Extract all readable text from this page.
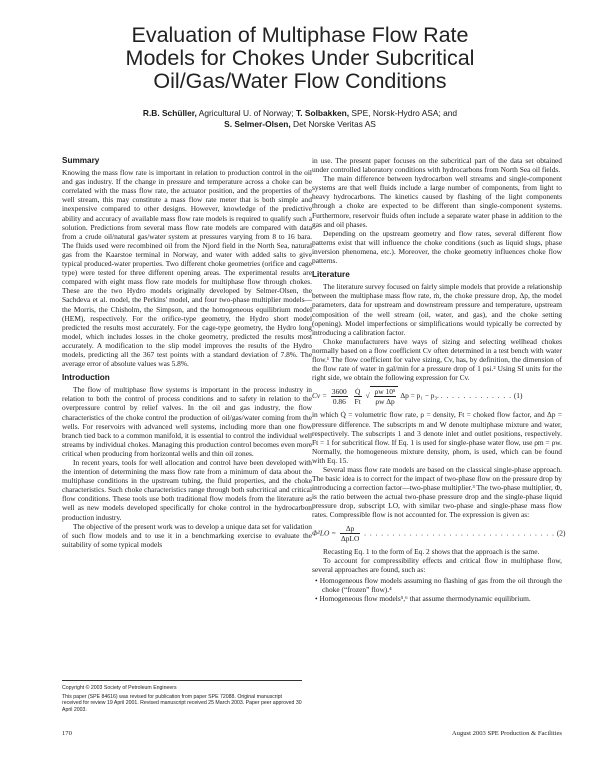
Evaluation of Multiphase Flow Rate
Models for Chokes Under Subcritical
Oil/Gas/Water Flow Conditions
R.B. Schüller, Agricultural U. of Norway; T. Solbakken, SPE, Norsk-Hydro ASA; and
S. Selmer-Olsen, Det Norske Veritas AS
Summary

Knowing the mass flow rate is important in relation to production control in the oil and gas industry. If the change in pressure and temperature across a choke can be correlated with the mass flow rate, the actuator position, and the properties of the well stream, this may constitute a mass flow rate meter that is both simple and inexpensive compared to other designs. However, knowledge of the predictive ability and accuracy of available mass flow rate models is required to qualify such a solution. Predictions from several mass flow rate models are compared with data from a crude oil/natural gas/water system at pressures varying from 8 to 16 bara. The fluids used were recombined oil from the Njord field in the North Sea, natural gas from the Kaarstoe terminal in Norway, and water with added salts to give typical produced-water properties. Two different choke geometries (orifice and cage type) were tested for three different opening areas. The experimental results are compared with eight mass flow rate models for multiphase flow through chokes. These are the two Hydro models originally developed by Selmer-Olsen, the Sachdeva et al. model, the Perkins' model, and four two-phase multiplier models—the Morris, the Chisholm, the Simpson, and the homogeneous equilibrium model (HEM), respectively. For the orifice-type geometry, the Hydro short model predicted the results most accurately. For the cage-type geometry, the Hydro long model, which includes losses in the choke geometry, predicted the results most accurately. A modification to the slip model improves the results of the Hydro models, predicting all the 367 test points with a standard deviation of 7.8%. The average error of absolute values was 5.8%.

Introduction

The flow of multiphase flow systems is important in the process industry in relation to both the control of process conditions and to safety in relation to the overpressure control by relief valves. In the oil and gas industry, the flow characteristics of the choke control the production of oil/gas/water coming from the wells. For reservoirs with advanced well systems, including more than one flow branch tied back to a common manifold, it is essential to control the individual well streams by individual chokes. Managing this production control becomes even more critical when producing from horizontal wells and thin oil zones.

In recent years, tools for well allocation and control have been developed with the intention of determining the mass flow rate from a minimum of data about the multiphase conditions in the upstream tubing, the fluid properties, and the choke characteristics. Such choke characteristics range through both subcritical and critical flow conditions. These tools use both traditional flow models from the literature as well as new models developed specifically for choke control in the hydrocarbon production industry.

The objective of the present work was to develop a unique data set for validation of such flow models and to use it in a benchmarking exercise to evaluate the suitability of some typical models

in use. The present paper focuses on the subcritical part of the data set obtained under controlled laboratory conditions with hydrocarbons from North Sea oil fields.

The main difference between hydrocarbon well streams and single-component systems are that well fluids include a large number of components, from light to heavy hydrocarbons. The kinetics caused by flashing of the light components through a choke are expected to be different than single-component systems. Furthermore, reservoir fluids often include a separate water phase in addition to the gas and oil phases.

Depending on the upstream geometry and flow rates, several different flow patterns exist that will influence the choke conditions (such as liquid slugs, phase inversion phenomena, etc.). Moreover, the choke geometry influences choke flow patterns.

Literature

The literature survey focused on fairly simple models that provide a relationship between the multiphase mass flow rate, ṁ, the choke pressure drop, Δp, the model parameters, data for upstream and downstream pressure and temperature, upstream composition of the well stream (oil, water, and gas), and the choke setting (opening). Model imperfections or simplifications would typically be corrected by introducing a calibration factor.

Choke manufacturers have ways of sizing and selecting wellhead chokes normally based on a flow coefficient Cv often determined in a test bench with water flow.¹ The flow coefficient for valve sizing, Cv, has, by definition, the dimension of the flow rate of water in gal/min for a pressure drop of 1 psi.² Using SI units for the right side, we obtain the following expression for Cv.

$Cv = \frac{3600}{0.86}$
$\frac{Q̇}{Ft}$ √ $\frac{\text{ρw 10⁵}}{\text{ρw Δp}}$ Δp = p₁ − p₃. . . . . . . . . . . . . . (1)

in which Q̇ = volumetric flow rate, ρ = density, Ft = choked flow factor, and Δp = pressure difference. The subscripts m and W denote multiphase mixture and water, respectively. The subscripts 1 and 3 denote inlet and outlet positions, respectively. Ft = 1 for subcritical flow. If Eq. 1 is used for single-phase water flow, use ρm = ρw. Normally, the homogeneous mixture density, ρhom, is used, which can be found with Eq. 15.

Several mass flow rate models are based on the classical single-phase approach. The basic idea is to correct for the impact of two-phase flow on the pressure drop by introducing a correction factor—two-phase multiplier.³ The two-phase multiplier, Φ, is the ratio between the actual two-phase pressure drop and the single-phase liquid pressure drop, subscript LO, with similar two-phase and single-phase mass flow rates. Compressible flow is not accounted for. The expression is given as:

$\Phi^2LO = \frac{\Delta p}{\text{ΔpLO}}$ . . . . . . . . . . . . . . . . . . . . . . . . . . . . . . . . . . (2)

Recasting Eq. 1 to the form of Eq. 2 shows that the approach is the same.

To account for compressibility effects and critical flow in multiphase flow, several approaches are found, such as:

• Homogeneous flow models assuming no flashing of gas from the oil through the choke (“frozen” flow).⁴
• Homogeneous flow models⁵,⁶ that assume thermodynamic equilibrium.

Copyright © 2003 Society of Petroleum Engineers

This paper (SPE 84616) was revised for publication from paper SPE 72088. Original manuscript received for review 19 April 2001. Revised manuscript received 25 March 2003. Paper peer approved 30 April 2003.

170	August 2003 SPE Production & Facilities
